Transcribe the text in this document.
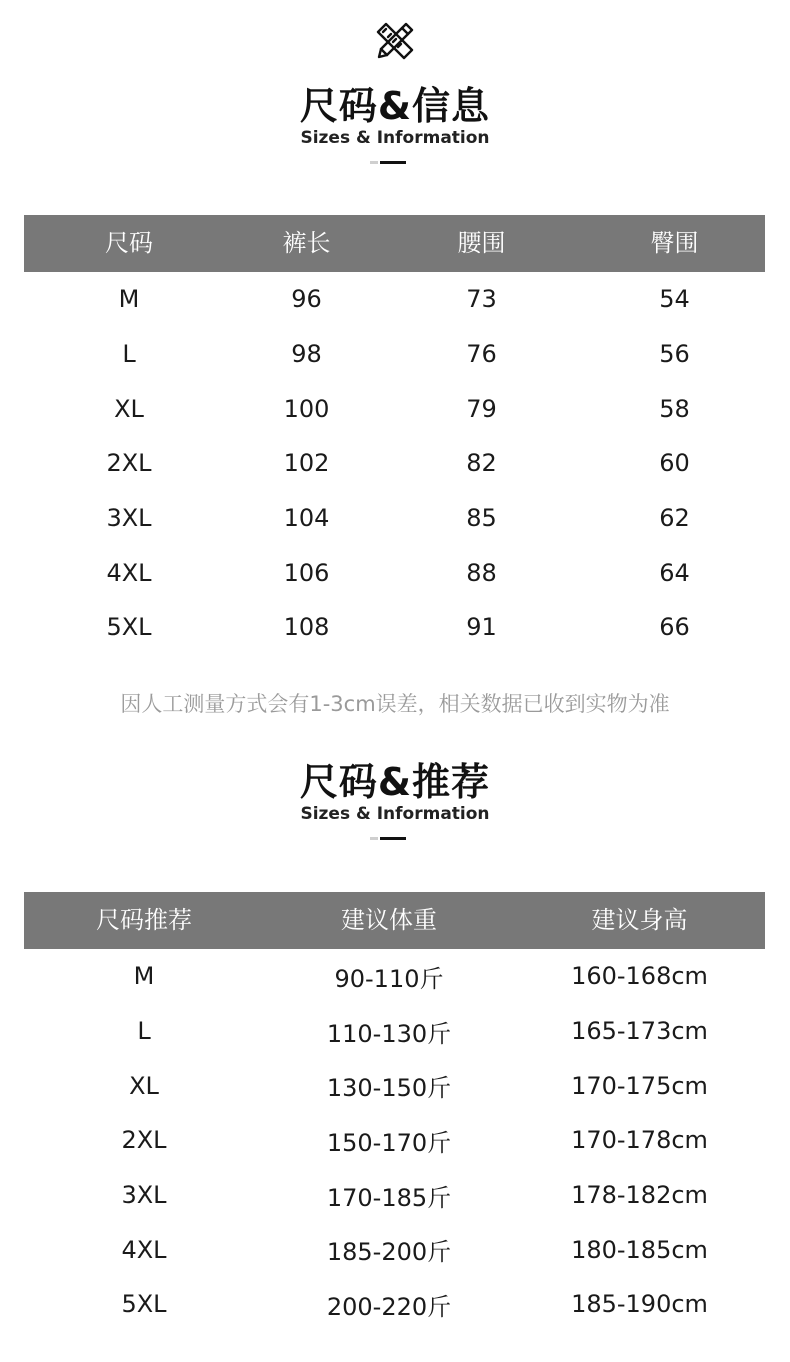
尺码&信息
Sizes & Information
尺码	裤长	腰围	臀围
M	96	73	54
L	98	76	56
XL	100	79	58
2XL	102	82	60
3XL	104	85	62
4XL	106	88	64
5XL	108	91	66
因人工测量方式会有1-3cm误差，相关数据已收到实物为准
尺码&推荐
Sizes & Information
尺码推荐	建议体重	建议身高
M	90-110斤	160-168cm
L	110-130斤	165-173cm
XL	130-150斤	170-175cm
2XL	150-170斤	170-178cm
3XL	170-185斤	178-182cm
4XL	185-200斤	180-185cm
5XL	200-220斤	185-190cm
